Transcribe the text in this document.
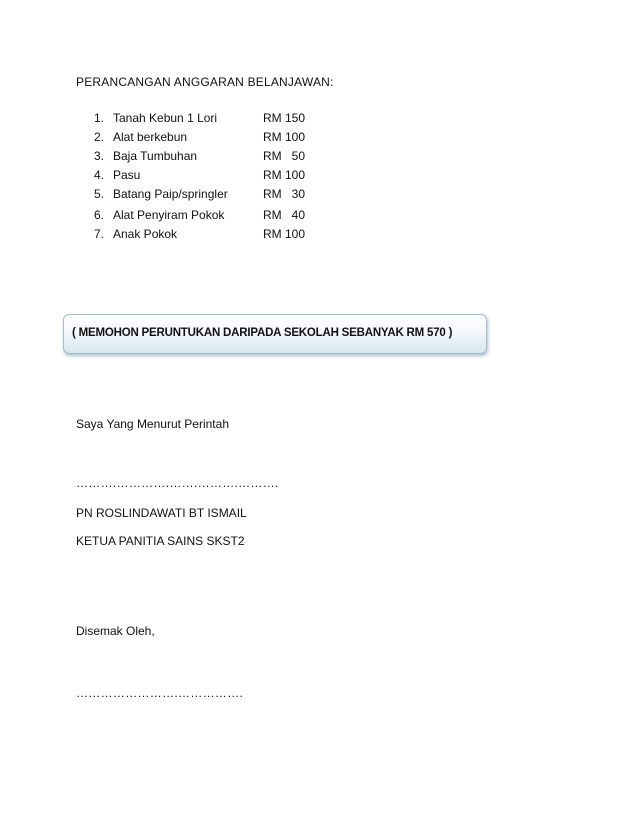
PERANCANGAN ANGGARAN BELANJAWAN:
1. Tanah Kebun 1 Lori	RM 150
2. Alat berkebun	RM 100
3. Baja Tumbuhan	RM   50
4. Pasu	RM 100
5. Batang Paip/springler	RM   30
6. Alat Penyiram Pokok	RM   40
7. Anak Pokok	RM 100
( MEMOHON PERUNTUKAN DARIPADA SEKOLAH SEBANYAK RM 570 )
Saya Yang Menurut Perintah
……….………….…….……….……….
PN ROSLINDAWATI BT ISMAIL
KETUA PANITIA SAINS SKST2
Disemak Oleh,
…………………….…………….
